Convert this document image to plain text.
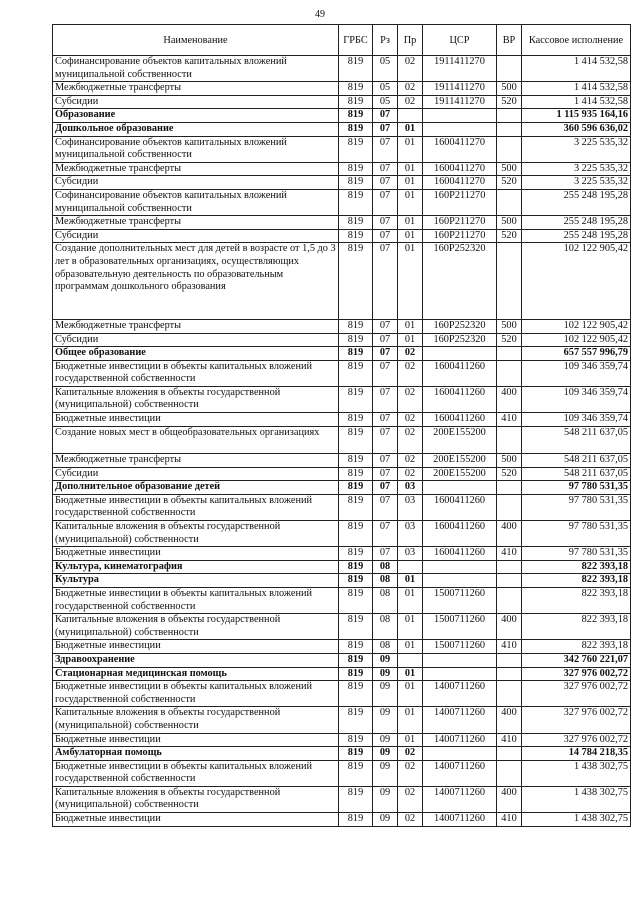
49
Наименование	ГРБС	Рз	Пр	ЦСР	ВР	Кассовое исполнение
Софинансирование объектов капитальных вложений муниципальной собственности	819	05	02	1911411270		1 414 532,58
Межбюджетные трансферты	819	05	02	1911411270	500	1 414 532,58
Субсидии	819	05	02	1911411270	520	1 414 532,58
Образование	819	07				1 115 935 164,16
Дошкольное образование	819	07	01			360 596 636,02
Софинансирование объектов капитальных вложений муниципальной собственности	819	07	01	1600411270		3 225 535,32
Межбюджетные трансферты	819	07	01	1600411270	500	3 225 535,32
Субсидии	819	07	01	1600411270	520	3 225 535,32
Софинансирование объектов капитальных вложений муниципальной собственности	819	07	01	160P211270		255 248 195,28
Межбюджетные трансферты	819	07	01	160P211270	500	255 248 195,28
Субсидии	819	07	01	160P211270	520	255 248 195,28
Создание дополнительных мест для детей в возрасте от 1,5 до 3 лет в образовательных организациях, осуществляющих образовательную деятельность по образовательным программам дошкольного образования	819	07	01	160P252320		102 122 905,42
Межбюджетные трансферты	819	07	01	160P252320	500	102 122 905,42
Субсидии	819	07	01	160P252320	520	102 122 905,42
Общее образование	819	07	02			657 557 996,79
Бюджетные инвестиции в объекты капитальных вложений государственной собственности	819	07	02	1600411260		109 346 359,74
Капитальные вложения в объекты государственной (муниципальной) собственности	819	07	02	1600411260	400	109 346 359,74
Бюджетные инвестиции	819	07	02	1600411260	410	109 346 359,74
Создание новых мест в общеобразовательных организациях	819	07	02	200E155200		548 211 637,05
Межбюджетные трансферты	819	07	02	200E155200	500	548 211 637,05
Субсидии	819	07	02	200E155200	520	548 211 637,05
Дополнительное образование детей	819	07	03			97 780 531,35
Бюджетные инвестиции в объекты капитальных вложений государственной собственности	819	07	03	1600411260		97 780 531,35
Капитальные вложения в объекты государственной (муниципальной) собственности	819	07	03	1600411260	400	97 780 531,35
Бюджетные инвестиции	819	07	03	1600411260	410	97 780 531,35
Культура, кинематография	819	08				822 393,18
Культура	819	08	01			822 393,18
Бюджетные инвестиции в объекты капитальных вложений государственной собственности	819	08	01	1500711260		822 393,18
Капитальные вложения в объекты государственной (муниципальной) собственности	819	08	01	1500711260	400	822 393,18
Бюджетные инвестиции	819	08	01	1500711260	410	822 393,18
Здравоохранение	819	09				342 760 221,07
Стационарная медицинская помощь	819	09	01			327 976 002,72
Бюджетные инвестиции в объекты капитальных вложений государственной собственности	819	09	01	1400711260		327 976 002,72
Капитальные вложения в объекты государственной (муниципальной) собственности	819	09	01	1400711260	400	327 976 002,72
Бюджетные инвестиции	819	09	01	1400711260	410	327 976 002,72
Амбулаторная помощь	819	09	02			14 784 218,35
Бюджетные инвестиции в объекты капитальных вложений государственной собственности	819	09	02	1400711260		1 438 302,75
Капитальные вложения в объекты государственной (муниципальной) собственности	819	09	02	1400711260	400	1 438 302,75
Бюджетные инвестиции	819	09	02	1400711260	410	1 438 302,75
